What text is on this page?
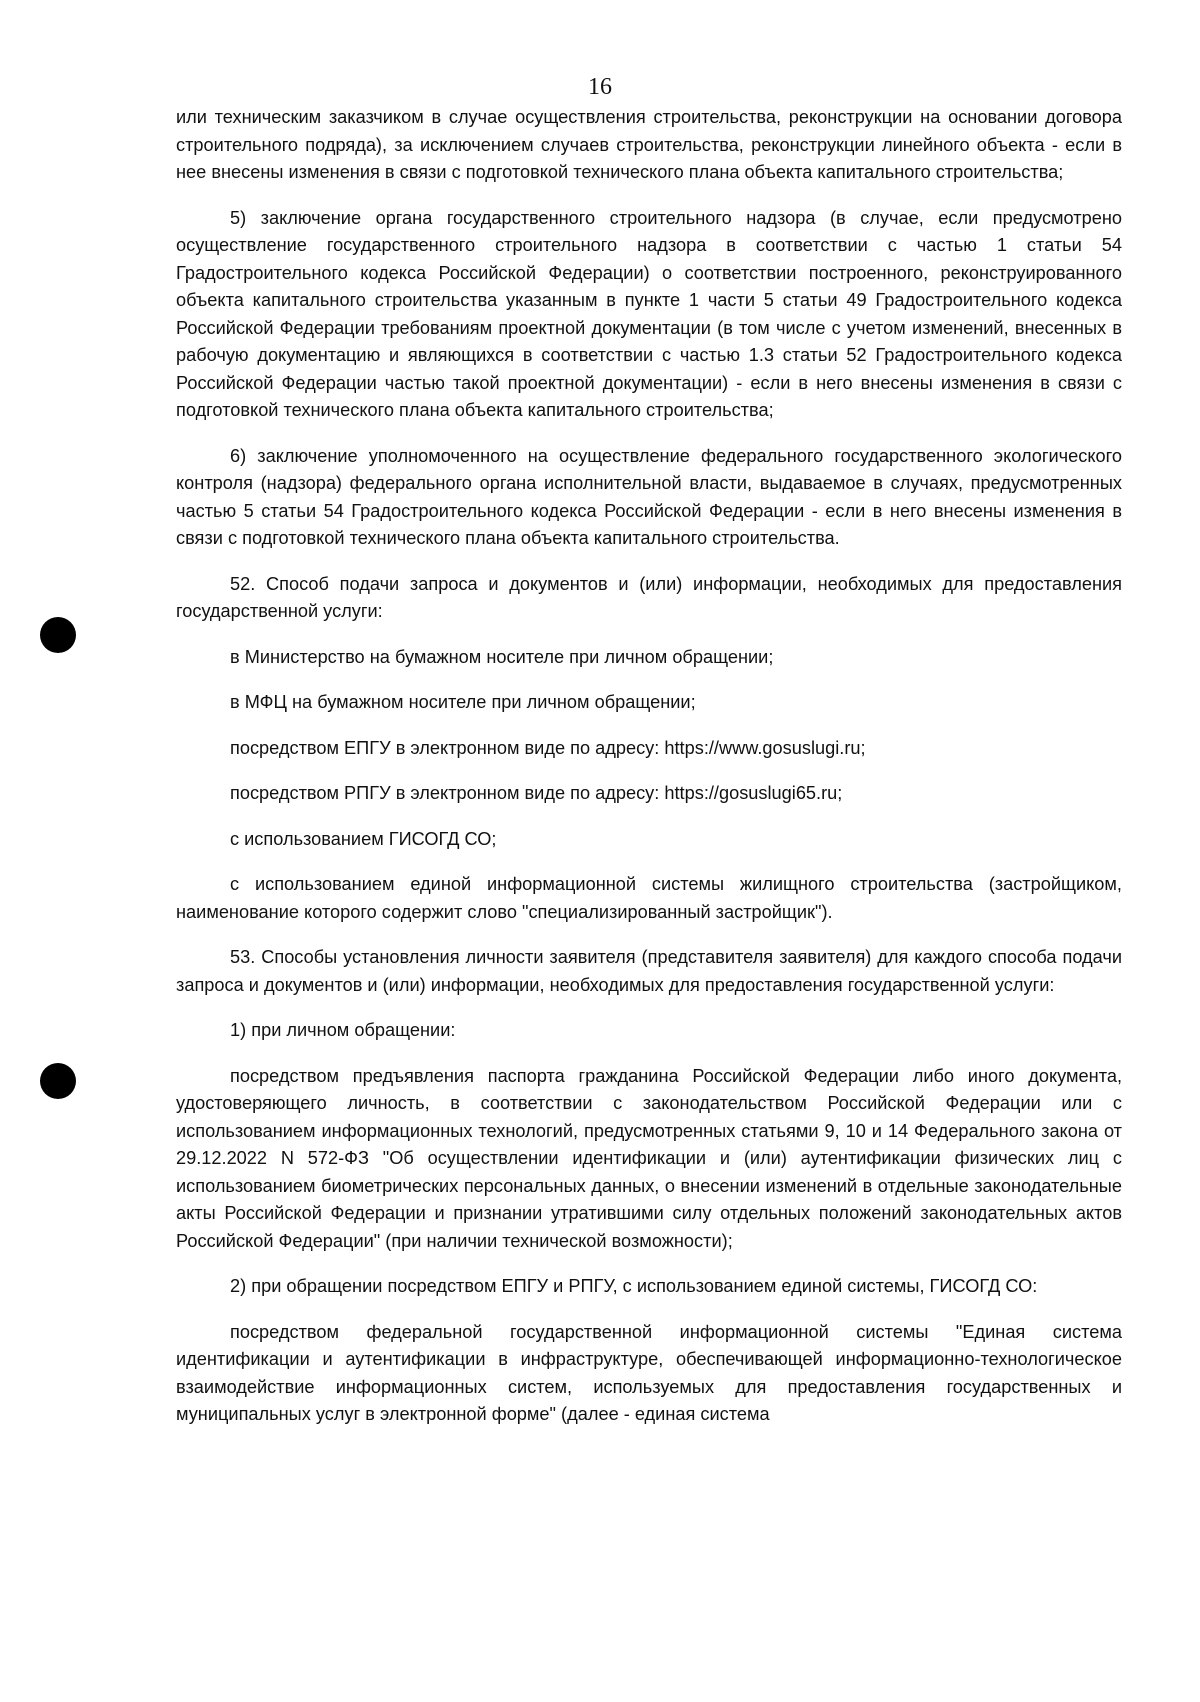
16

или техническим заказчиком в случае осуществления строительства, реконструкции на основании договора строительного подряда), за исключением случаев строительства, реконструкции линейного объекта - если в нее внесены изменения в связи с подготовкой технического плана объекта капитального строительства;

5) заключение органа государственного строительного надзора (в случае, если предусмотрено осуществление государственного строительного надзора в соответствии с частью 1 статьи 54 Градостроительного кодекса Российской Федерации) о соответствии построенного, реконструированного объекта капитального строительства указанным в пункте 1 части 5 статьи 49 Градостроительного кодекса Российской Федерации требованиям проектной документации (в том числе с учетом изменений, внесенных в рабочую документацию и являющихся в соответствии с частью 1.3 статьи 52 Градостроительного кодекса Российской Федерации частью такой проектной документации) - если в него внесены изменения в связи с подготовкой технического плана объекта капитального строительства;

6) заключение уполномоченного на осуществление федерального государственного экологического контроля (надзора) федерального органа исполнительной власти, выдаваемое в случаях, предусмотренных частью 5 статьи 54 Градостроительного кодекса Российской Федерации - если в него внесены изменения в связи с подготовкой технического плана объекта капитального строительства.

52. Способ подачи запроса и документов и (или) информации, необходимых для предоставления государственной услуги:

в Министерство на бумажном носителе при личном обращении;

в МФЦ на бумажном носителе при личном обращении;

посредством ЕПГУ в электронном виде по адресу: https://www.gosuslugi.ru;

посредством РПГУ в электронном виде по адресу: https://gosuslugi65.ru;

с использованием ГИСОГД СО;

с использованием единой информационной системы жилищного строительства (застройщиком, наименование которого содержит слово "специализированный застройщик").

53. Способы установления личности заявителя (представителя заявителя) для каждого способа подачи запроса и документов и (или) информации, необходимых для предоставления государственной услуги:

1) при личном обращении:

посредством предъявления паспорта гражданина Российской Федерации либо иного документа, удостоверяющего личность, в соответствии с законодательством Российской Федерации или с использованием информационных технологий, предусмотренных статьями 9, 10 и 14 Федерального закона от 29.12.2022 N 572-ФЗ "Об осуществлении идентификации и (или) аутентификации физических лиц с использованием биометрических персональных данных, о внесении изменений в отдельные законодательные акты Российской Федерации и признании утратившими силу отдельных положений законодательных актов Российской Федерации" (при наличии технической возможности);

2) при обращении посредством ЕПГУ и РПГУ, с использованием единой системы, ГИСОГД СО:

посредством федеральной государственной информационной системы "Единая система идентификации и аутентификации в инфраструктуре, обеспечивающей информационно-технологическое взаимодействие информационных систем, используемых для предоставления государственных и муниципальных услуг в электронной форме" (далее - единая система
